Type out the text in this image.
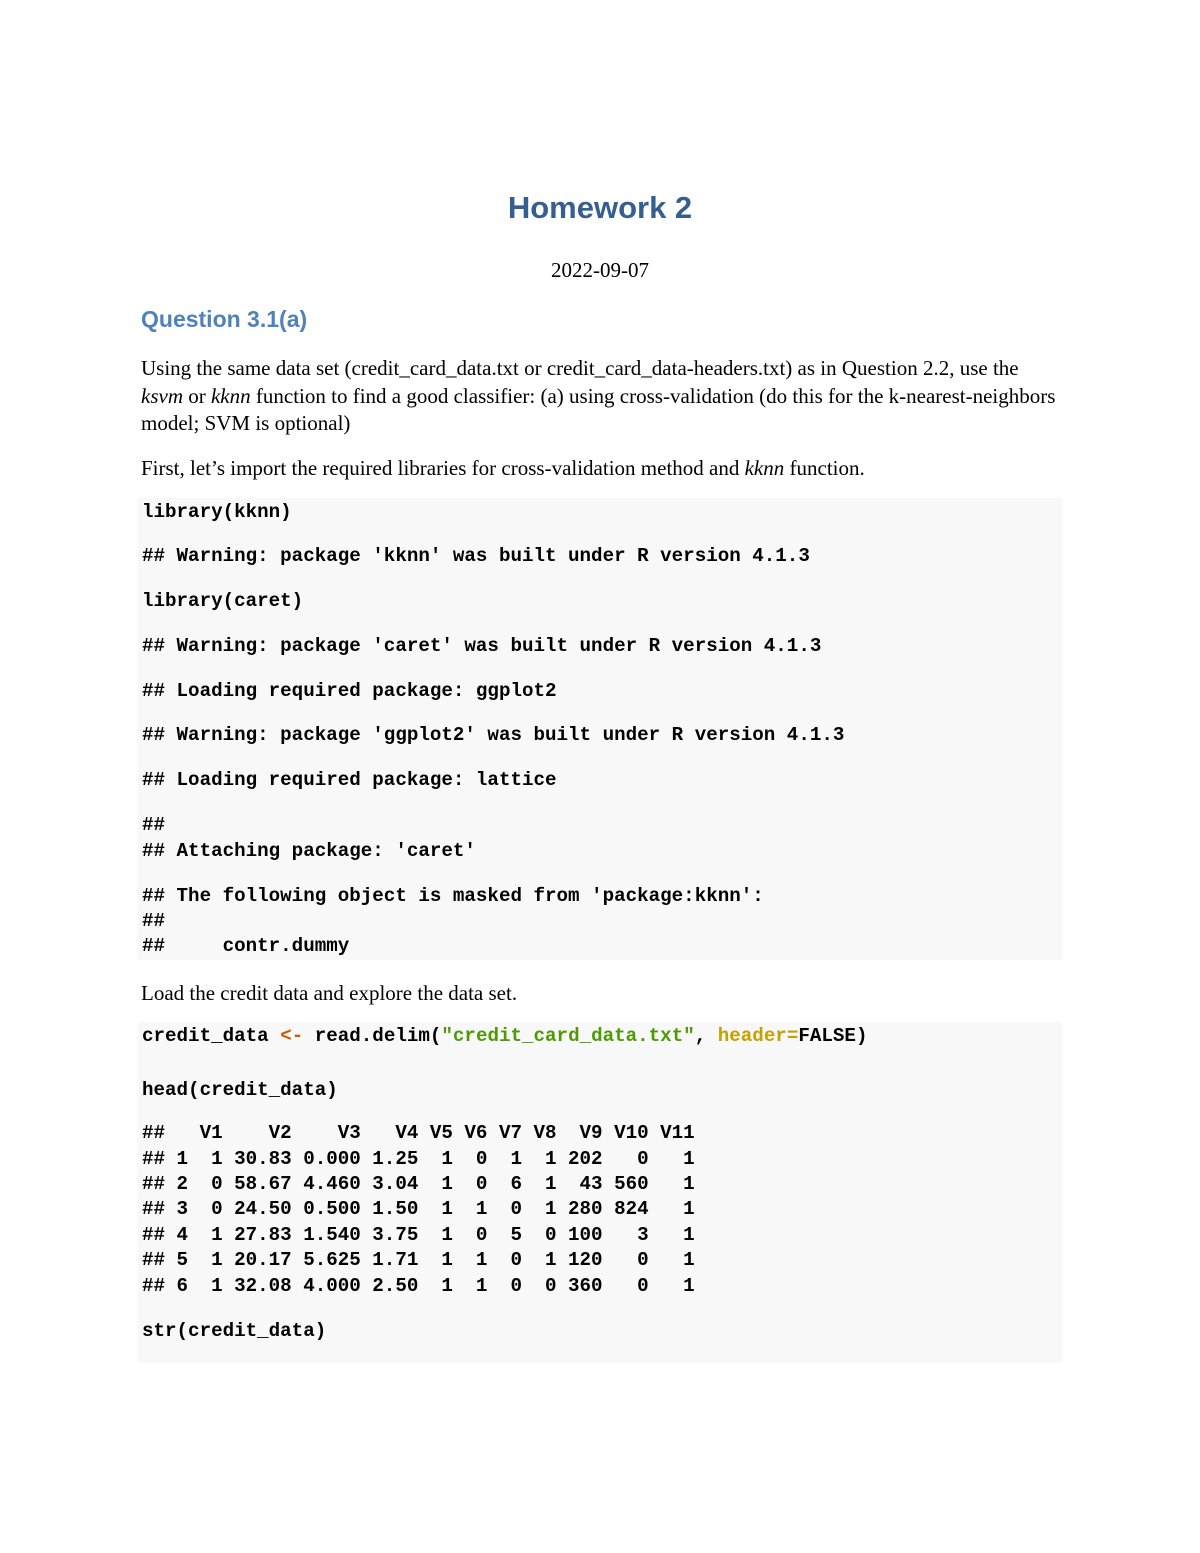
Homework 2
2022-09-07
Question 3.1(a)
Using the same data set (credit_card_data.txt or credit_card_data-headers.txt) as in Question 2.2, use the ksvm or kknn function to find a good classifier: (a) using cross-validation (do this for the k-nearest-neighbors model; SVM is optional)
First, let’s import the required libraries for cross-validation method and kknn function.
library(kknn)
## Warning: package 'kknn' was built under R version 4.1.3
library(caret)
## Warning: package 'caret' was built under R version 4.1.3
## Loading required package: ggplot2
## Warning: package 'ggplot2' was built under R version 4.1.3
## Loading required package: lattice
##
## Attaching package: 'caret'
## The following object is masked from 'package:kknn':
##
##     contr.dummy
Load the credit data and explore the data set.
credit_data <- read.delim("credit_card_data.txt", header=FALSE)
head(credit_data)
##   V1    V2    V3   V4 V5 V6 V7 V8  V9 V10 V11
## 1  1 30.83 0.000 1.25  1  0  1  1 202   0   1
## 2  0 58.67 4.460 3.04  1  0  6  1  43 560   1
## 3  0 24.50 0.500 1.50  1  1  0  1 280 824   1
## 4  1 27.83 1.540 3.75  1  0  5  0 100   3   1
## 5  1 20.17 5.625 1.71  1  1  0  1 120   0   1
## 6  1 32.08 4.000 2.50  1  1  0  0 360   0   1
str(credit_data)
